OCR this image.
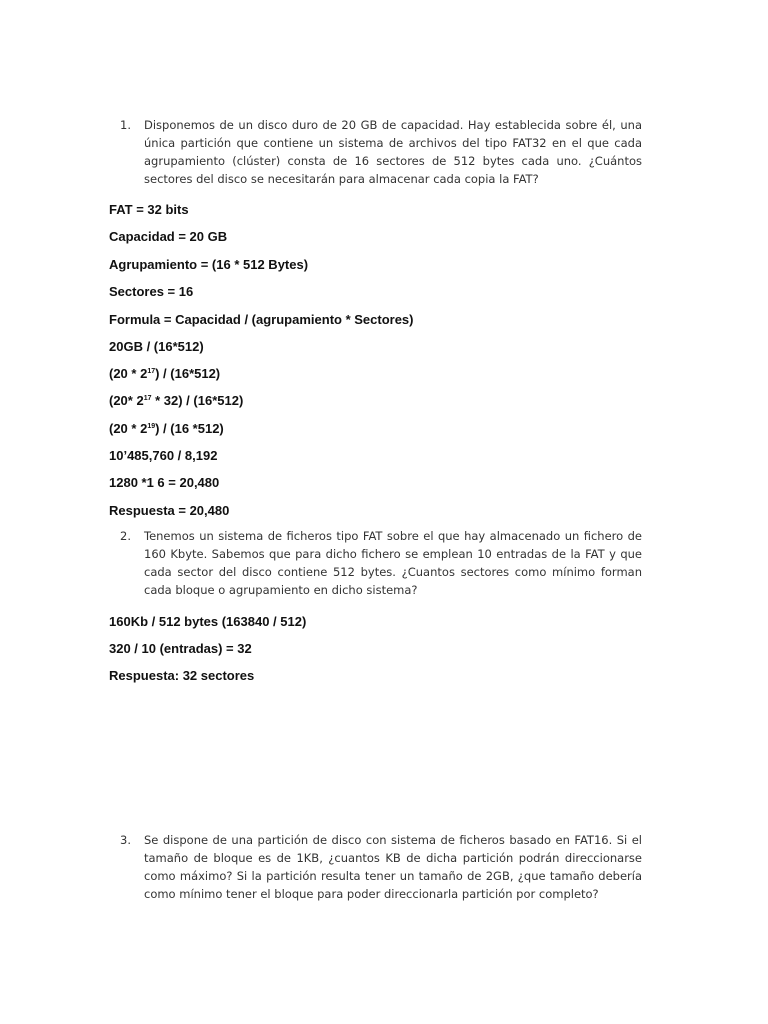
1. Disponemos de un disco duro de 20 GB de capacidad. Hay establecida sobre él, una única partición que contiene un sistema de archivos del tipo FAT32 en el que cada agrupamiento (clúster) consta de 16 sectores de 512 bytes cada uno. ¿Cuántos sectores del disco se necesitarán para almacenar cada copia la FAT?
FAT = 32 bits
Capacidad = 20 GB
Agrupamiento = (16 * 512 Bytes)
Sectores = 16
Formula = Capacidad / (agrupamiento * Sectores)
20GB / (16*512)
$(20 * 2^{17}) / (16*512)$
(20* $2^{17} * 32) / (16*512)$
$(20 * 2^{19}) / (16$ *512)
10’485,760 / 8,192
1280 *1 6 = 20,480
Respuesta = 20,480
2. Tenemos un sistema de ficheros tipo FAT sobre el que hay almacenado un fichero de 160 Kbyte. Sabemos que para dicho fichero se emplean 10 entradas de la FAT y que cada sector del disco contiene 512 bytes. ¿Cuantos sectores como mínimo forman cada bloque o agrupamiento en dicho sistema?
160Kb / 512 bytes (163840 / 512)
320 / 10 (entradas) = 32
Respuesta: 32 sectores
3. Se dispone de una partición de disco con sistema de ficheros basado en FAT16. Si el tamaño de bloque es de 1KB, ¿cuantos KB de dicha partición podrán direccionarse como máximo? Si la partición resulta tener un tamaño de 2GB, ¿que tamaño debería como mínimo tener el bloque para poder direccionarla partición por completo?
